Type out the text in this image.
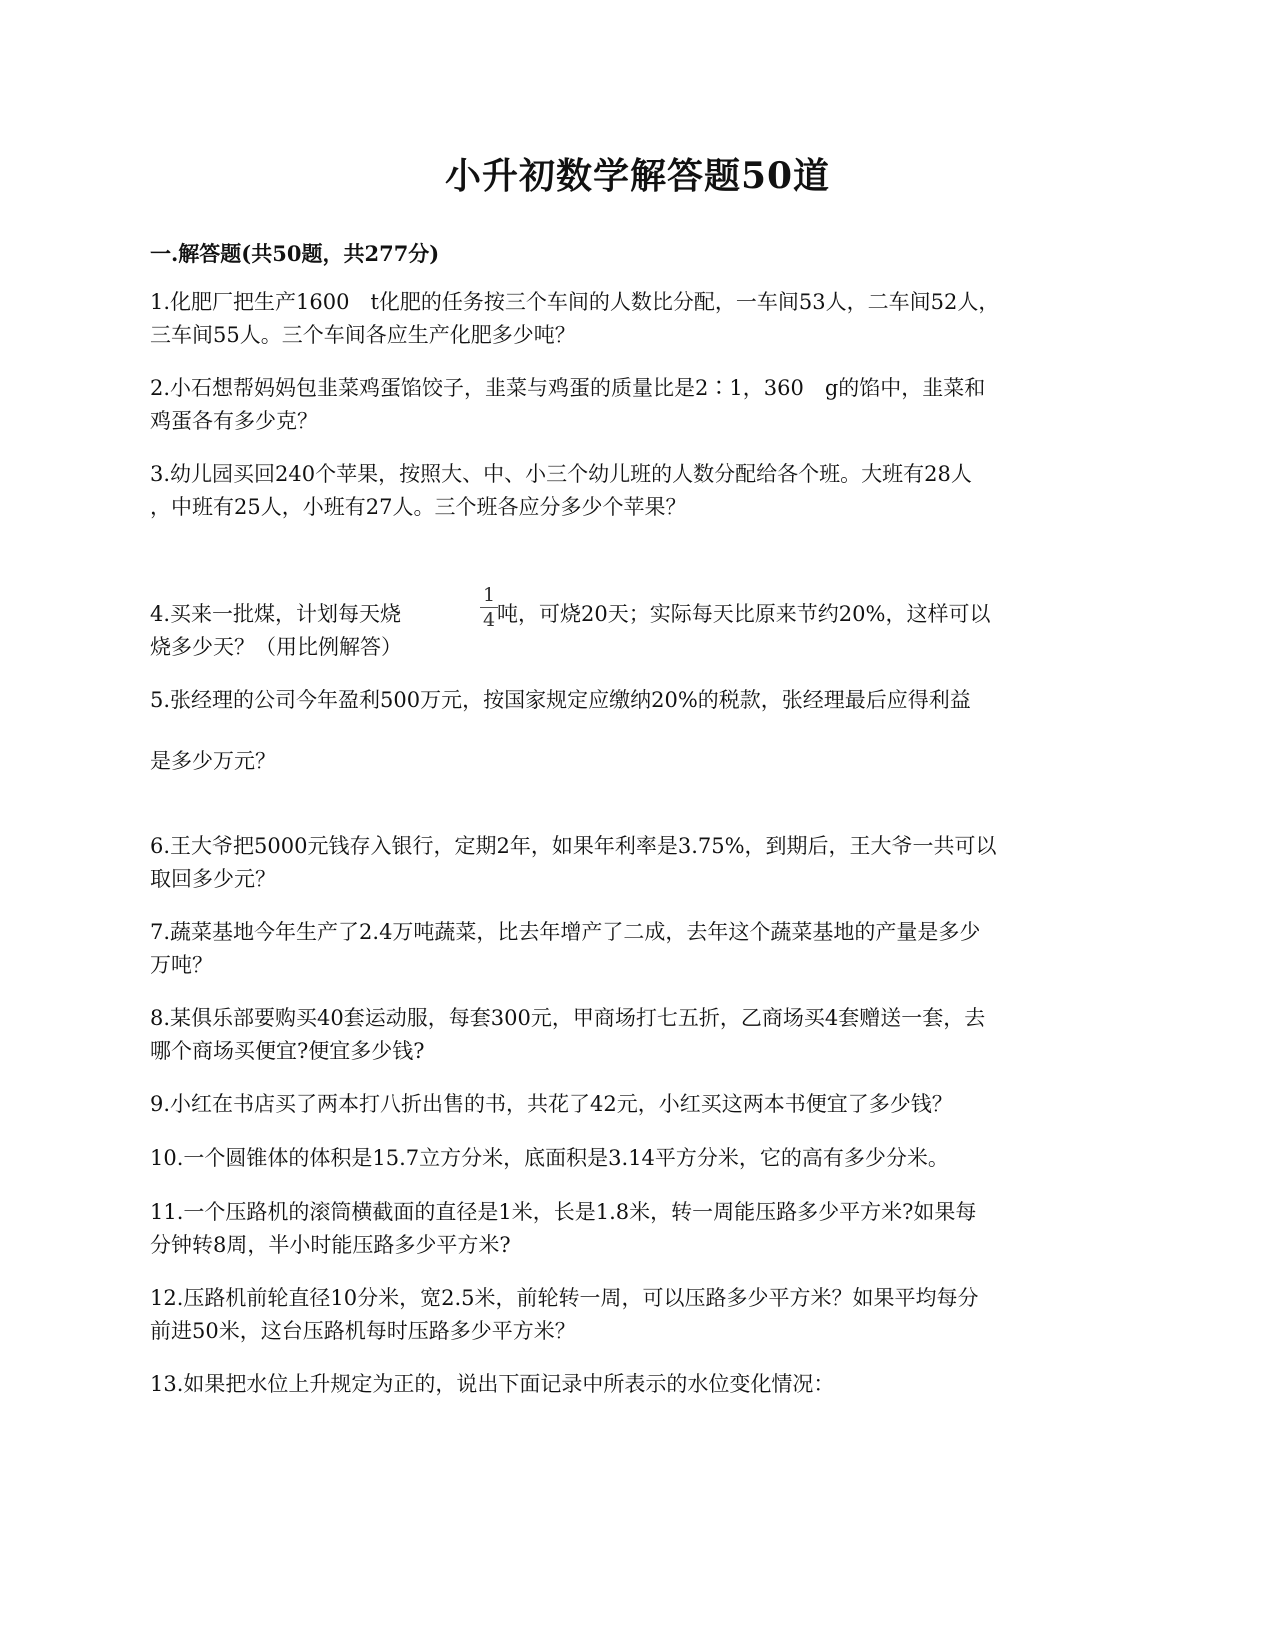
小升初数学解答题50道
一.解答题(共50题，共277分)
1.化肥厂把生产1600　t化肥的任务按三个车间的人数比分配，一车间53人，二车间52人，
三车间55人。三个车间各应生产化肥多少吨？
2.小石想帮妈妈包韭菜鸡蛋馅饺子，韭菜与鸡蛋的质量比是2∶1，360　g的馅中，韭菜和
鸡蛋各有多少克？
3.幼儿园买回240个苹果，按照大、中、小三个幼儿班的人数分配给各个班。大班有28人
，中班有25人，小班有27人。三个班各应分多少个苹果？
1
4
4.买来一批煤，计划每天烧	吨，可烧20天；实际每天比原来节约20%，这样可以
烧多少天？（用比例解答）
5.张经理的公司今年盈利500万元，按国家规定应缴纳20%的税款，张经理最后应得利益
是多少万元？
6.王大爷把5000元钱存入银行，定期2年，如果年利率是3.75%，到期后，王大爷一共可以
取回多少元？
7.蔬菜基地今年生产了2.4万吨蔬菜，比去年增产了二成，去年这个蔬菜基地的产量是多少
万吨？
8.某俱乐部要购买40套运动服，每套300元，甲商场打七五折，乙商场买4套赠送一套，去
哪个商场买便宜?便宜多少钱?
9.小红在书店买了两本打八折出售的书，共花了42元，小红买这两本书便宜了多少钱？
10.一个圆锥体的体积是15.7立方分米，底面积是3.14平方分米，它的高有多少分米。
11.一个压路机的滚筒横截面的直径是1米，长是1.8米，转一周能压路多少平方米?如果每
分钟转8周，半小时能压路多少平方米?
12.压路机前轮直径10分米，宽2.5米，前轮转一周，可以压路多少平方米？如果平均每分
前进50米，这台压路机每时压路多少平方米？
13.如果把水位上升规定为正的，说出下面记录中所表示的水位变化情况：
